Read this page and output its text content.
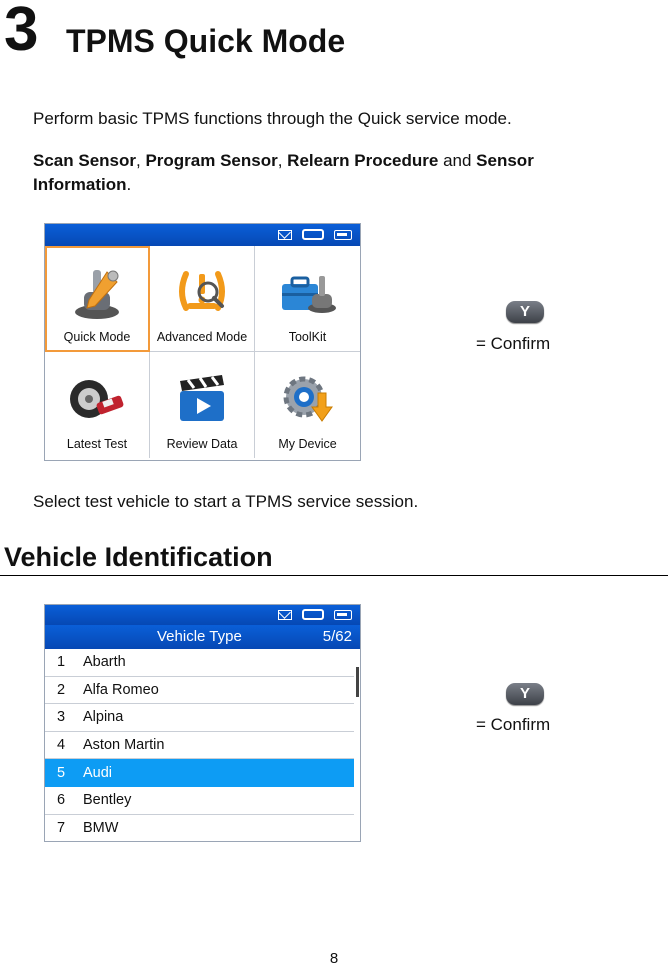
3 TPMS Quick Mode
Perform basic TPMS functions through the Quick service mode.
Scan Sensor, Program Sensor, Relearn Procedure and Sensor
Information.
Quick Mode Advanced Mode	ToolKit
Latest Test	Review Data	My Device
Y
= Confirm
Select test vehicle to start a TPMS service session.
Vehicle Identification
Vehicle Type	5/62
1	Abarth
2	Alfa Romeo
3	Alpina
4	Aston Martin
5	Audi
6	Bentley
7	BMW
Y
= Confirm
8
